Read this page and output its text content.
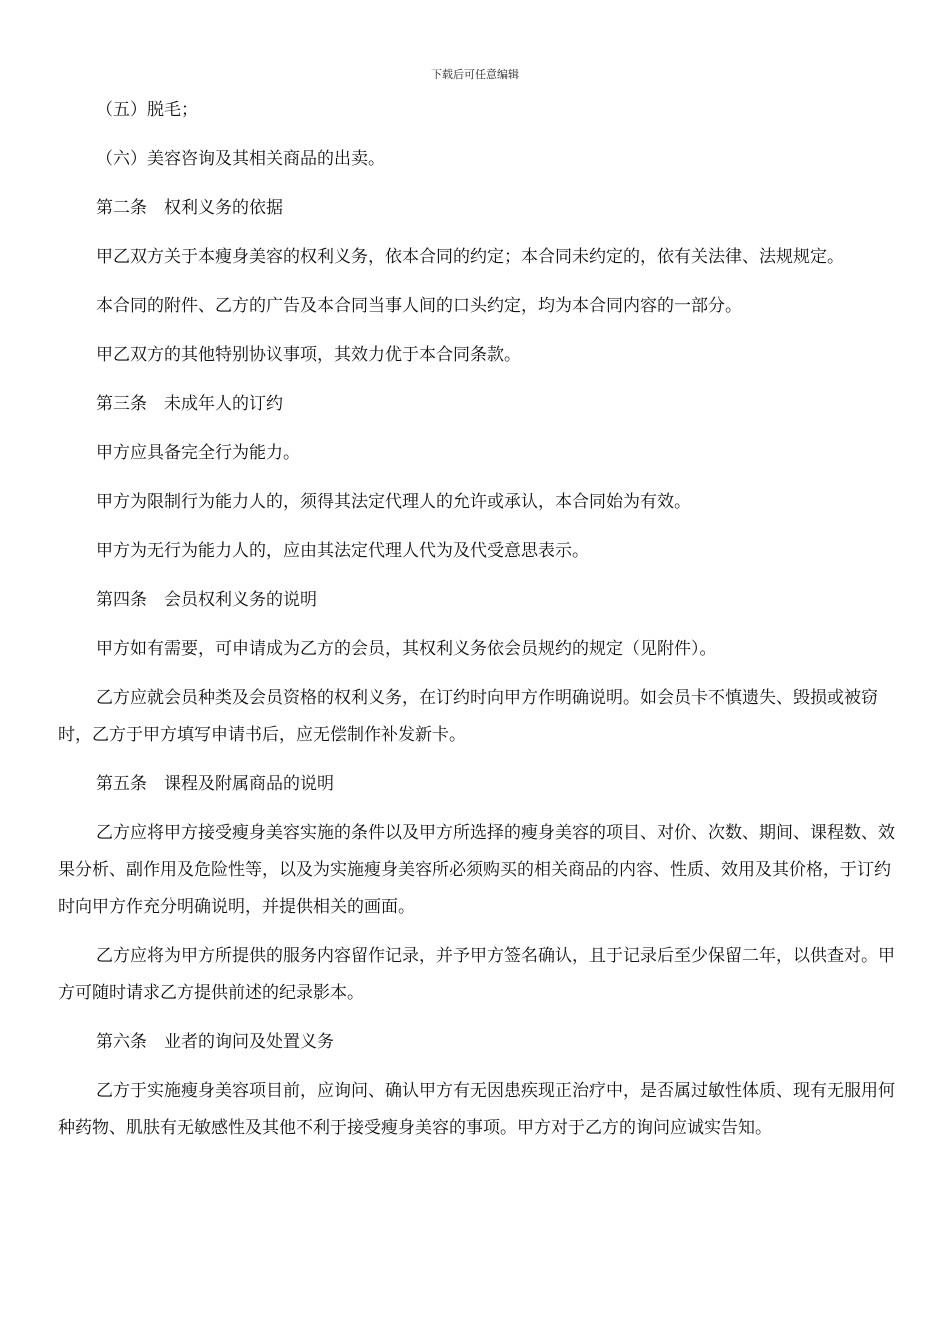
下载后可任意编辑

（五）脱毛；

（六）美容咨询及其相关商品的出卖。

第二条　权利义务的依据

甲乙双方关于本瘦身美容的权利义务，依本合同的约定；本合同未约定的，依有关法律、法规规定。

本合同的附件、乙方的广告及本合同当事人间的口头约定，均为本合同内容的一部分。

甲乙双方的其他特别协议事项，其效力优于本合同条款。

第三条　未成年人的订约

甲方应具备完全行为能力。

甲方为限制行为能力人的，须得其法定代理人的允许或承认，本合同始为有效。

甲方为无行为能力人的，应由其法定代理人代为及代受意思表示。

第四条　会员权利义务的说明

甲方如有需要，可申请成为乙方的会员，其权利义务依会员规约的规定（见附件）。

乙方应就会员种类及会员资格的权利义务，在订约时向甲方作明确说明。如会员卡不慎遗失、毁损或被窃时，乙方于甲方填写申请书后，应无偿制作补发新卡。

第五条　课程及附属商品的说明

乙方应将甲方接受瘦身美容实施的条件以及甲方所选择的瘦身美容的项目、对价、次数、期间、课程数、效果分析、副作用及危险性等，以及为实施瘦身美容所必须购买的相关商品的内容、性质、效用及其价格，于订约时向甲方作充分明确说明，并提供相关的画面。

乙方应将为甲方所提供的服务内容留作记录，并予甲方签名确认，且于记录后至少保留二年，以供查对。甲方可随时请求乙方提供前述的纪录影本。

第六条　业者的询问及处置义务

乙方于实施瘦身美容项目前，应询问、确认甲方有无因患疾现正治疗中，是否属过敏性体质、现有无服用何种药物、肌肤有无敏感性及其他不利于接受瘦身美容的事项。甲方对于乙方的询问应诚实告知。
